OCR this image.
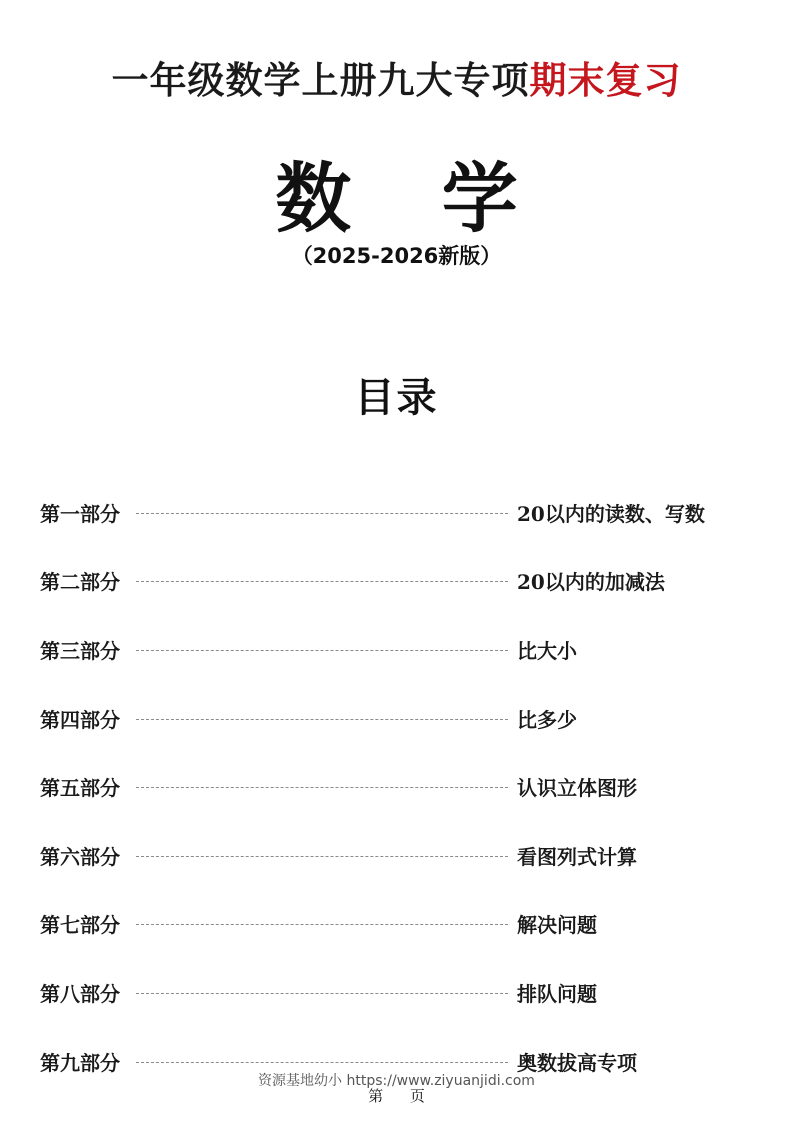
一年级数学上册九大专项期末复习
数 学
（2025-2026新版）
目录
第一部分	20以内的读数、写数
第二部分	20以内的加减法
第三部分	比大小
第四部分	比多少
第五部分	认识立体图形
第六部分	看图列式计算
第七部分	解决问题
第八部分	排队问题
第九部分	奥数拔高专项
资源基地幼小 https://www.ziyuanjidi.com
第 页
